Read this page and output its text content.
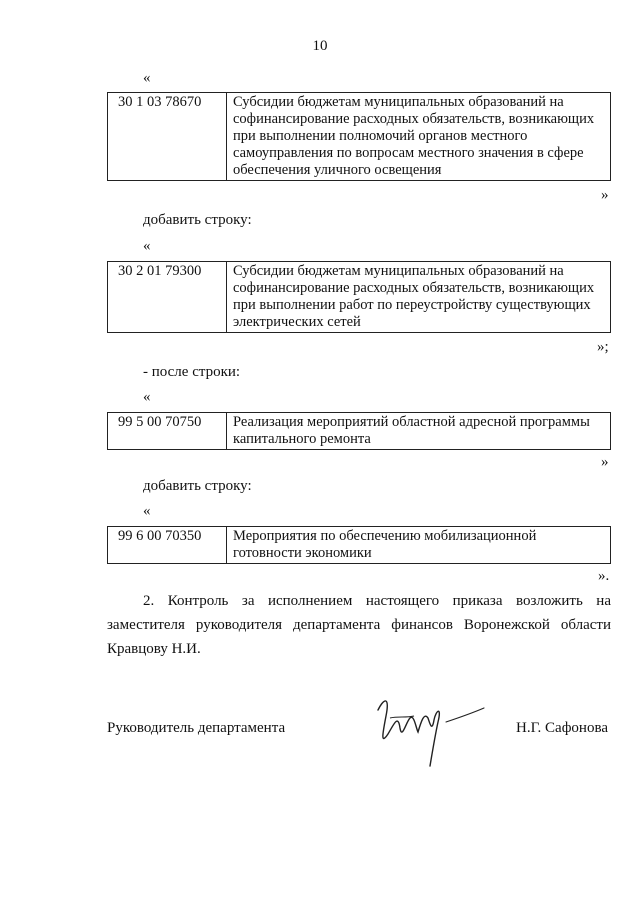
10
«
30 1 03 78670	Субсидии бюджетам муниципальных образований на
софинансирование расходных обязательств, возникающих
при выполнении полномочий органов местного
самоуправления по вопросам местного значения в сфере
обеспечения уличного освещения
»
добавить строку:
«
30 2 01 79300	Субсидии бюджетам муниципальных образований на
софинансирование расходных обязательств, возникающих
при выполнении работ по переустройству существующих
электрических сетей
»;
- после строки:
«
99 5 00 70750	Реализация мероприятий областной адресной программы
капитального ремонта
»
добавить строку:
«
99 6 00 70350	Мероприятия по обеспечению мобилизационной
готовности экономики
».
2. Контроль за исполнением настоящего приказа возложить на заместителя руководителя департамента финансов Воронежской области Кравцову Н.И.
Руководитель департамента	Н.Г. Сафонова
